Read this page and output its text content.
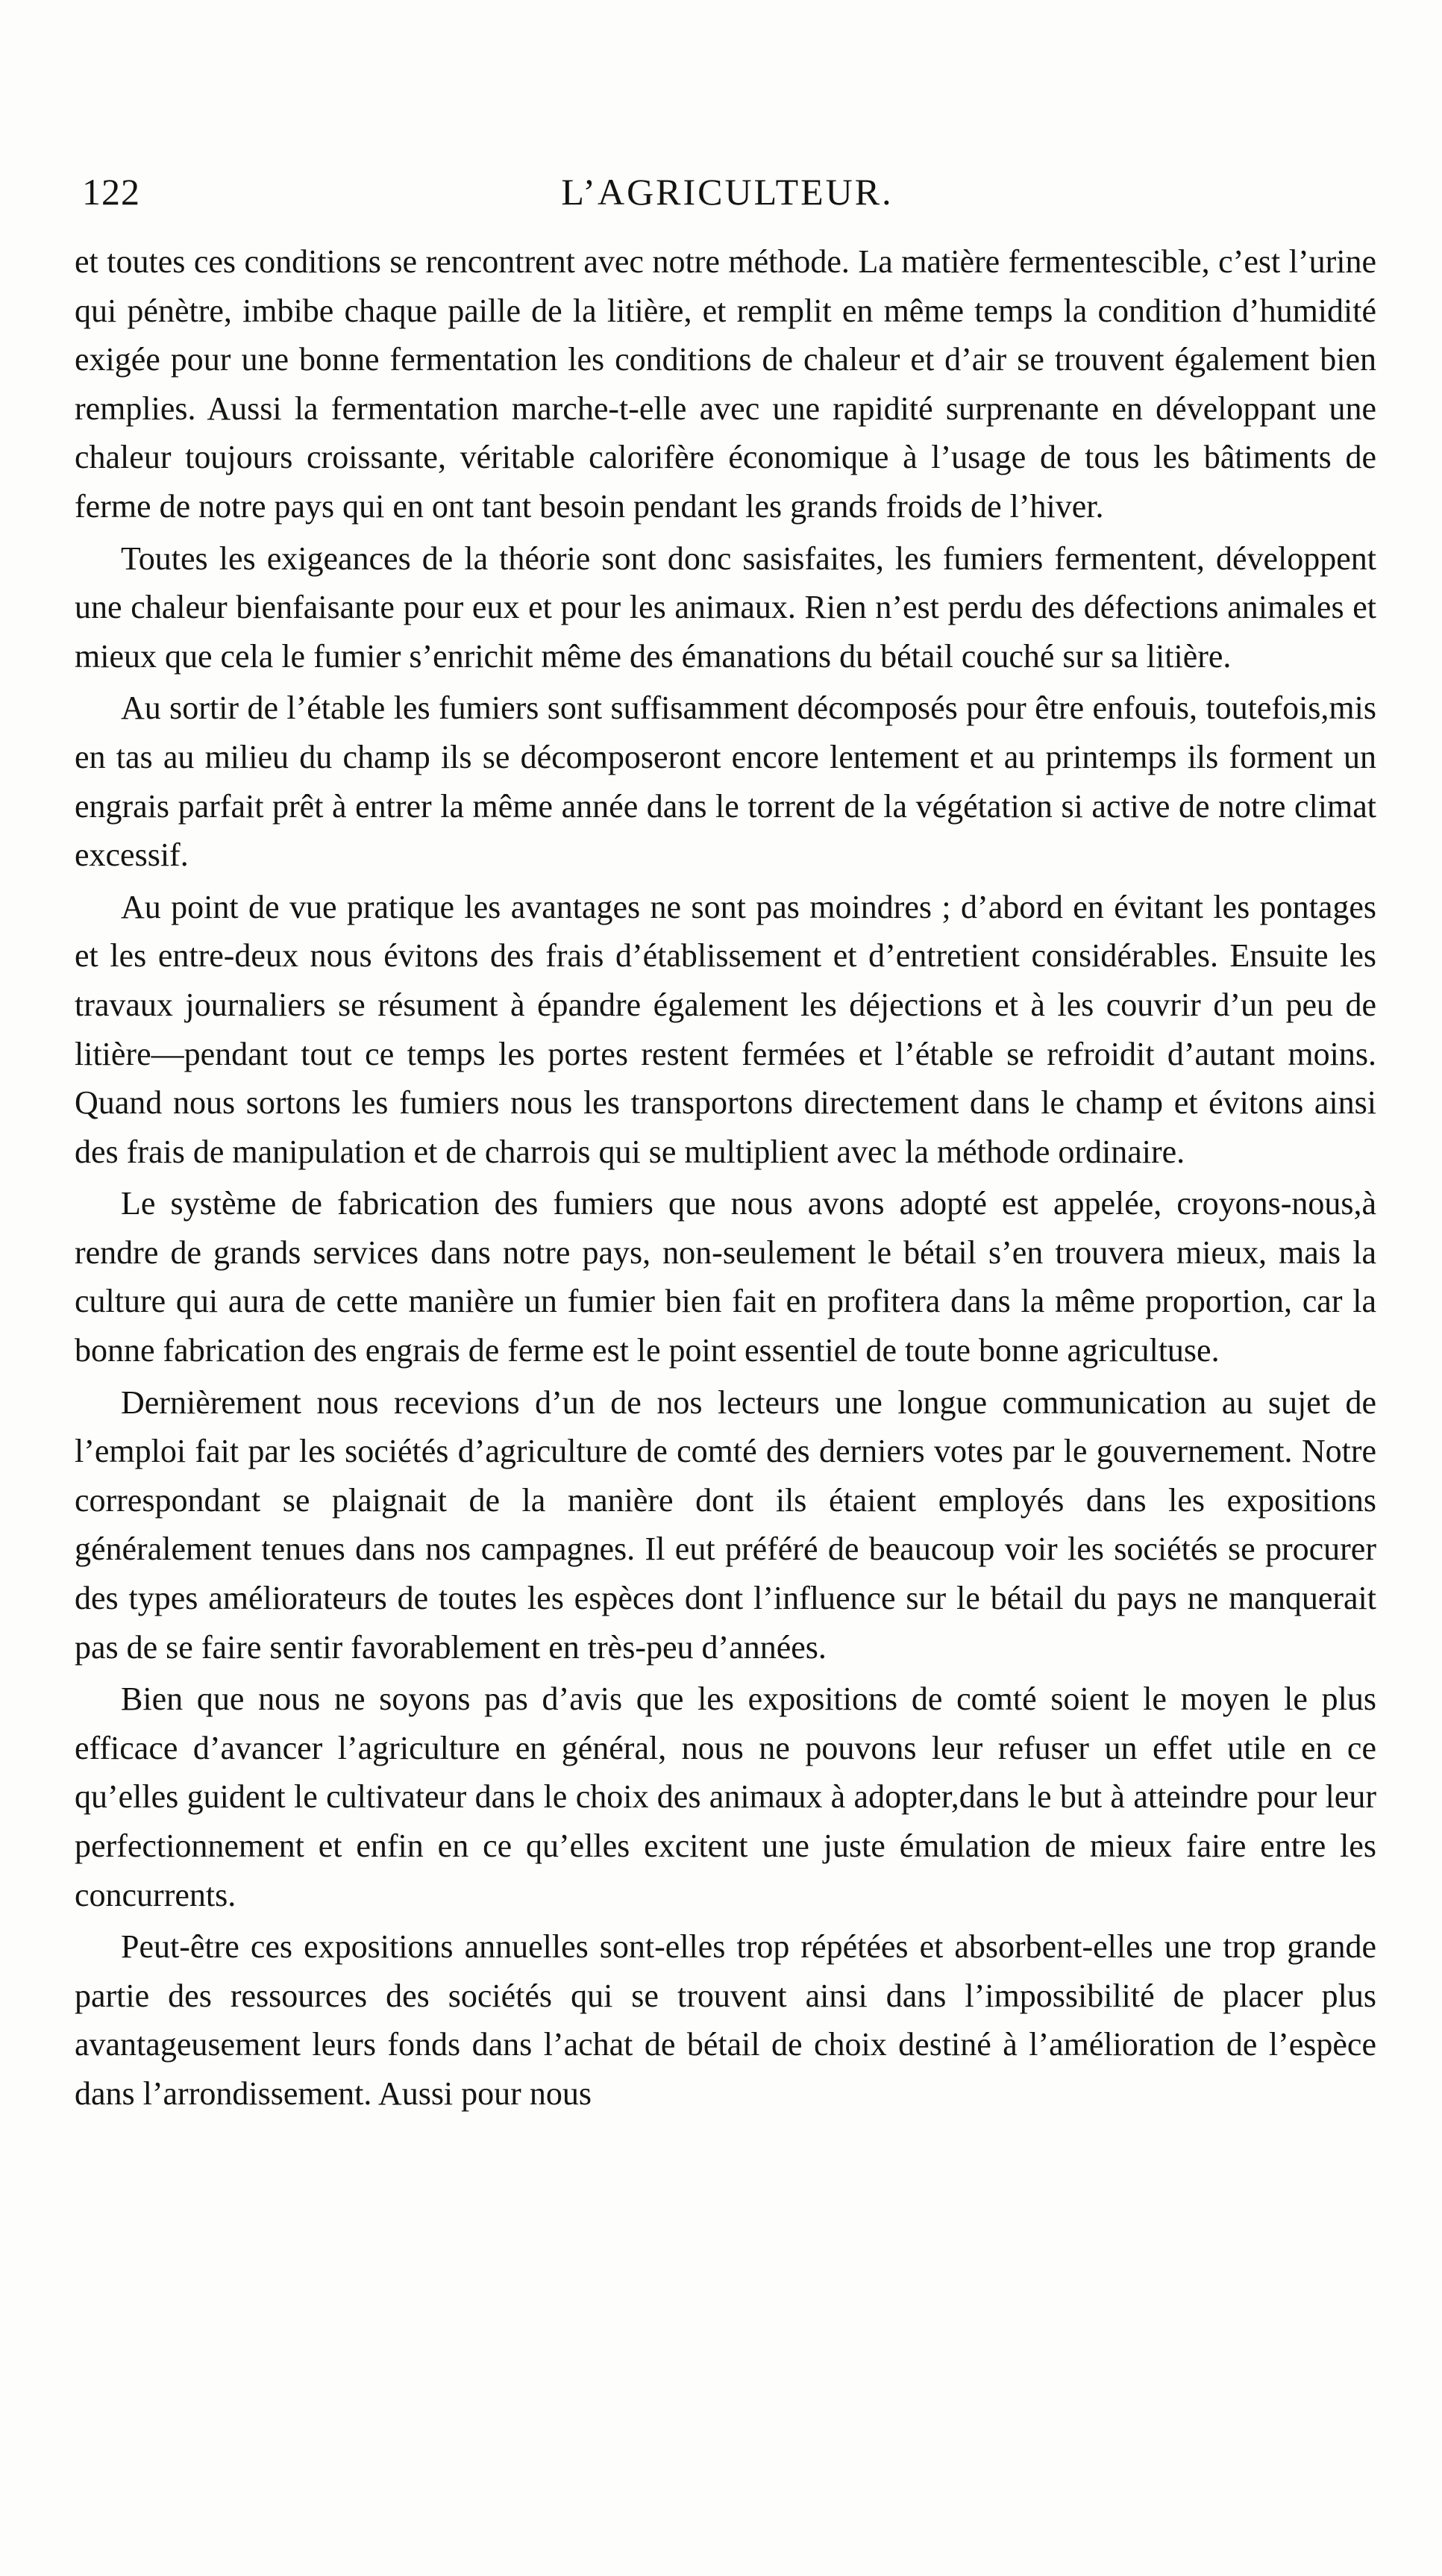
122	L’AGRICULTEUR.

et toutes ces conditions se rencontrent avec notre méthode. La matière fermentescible, c’est l’urine qui pénètre, imbibe chaque paille de la litière, et remplit en même temps la condition d’humidité exigée pour une bonne fermentation les conditions de chaleur et d’air se trouvent également bien remplies. Aussi la fermentation marche-t-elle avec une rapidité surprenante en développant une chaleur toujours croissante, véritable calorifère économique à l’usage de tous les bâtiments de ferme de notre pays qui en ont tant besoin pendant les grands froids de l’hiver.

Toutes les exigeances de la théorie sont donc sasisfaites, les fumiers fermentent, développent une chaleur bienfaisante pour eux et pour les animaux. Rien n’est perdu des défections animales et mieux que cela le fumier s’enrichit même des émanations du bétail couché sur sa litière.

Au sortir de l’étable les fumiers sont suffisamment décomposés pour être enfouis, toutefois,mis en tas au milieu du champ ils se décomposeront encore lentement et au printemps ils forment un engrais parfait prêt à entrer la même année dans le torrent de la végétation si active de notre climat excessif.

Au point de vue pratique les avantages ne sont pas moindres ; d’abord en évitant les pontages et les entre-deux nous évitons des frais d’établissement et d’entretient considérables. Ensuite les travaux journaliers se résument à épandre également les déjections et à les couvrir d’un peu de litière—pendant tout ce temps les portes restent fermées et l’étable se refroidit d’autant moins. Quand nous sortons les fumiers nous les transportons directement dans le champ et évitons ainsi des frais de manipulation et de charrois qui se multiplient avec la méthode ordinaire.

Le système de fabrication des fumiers que nous avons adopté est appelée, croyons-nous,à rendre de grands services dans notre pays, non-seulement le bétail s’en trouvera mieux, mais la culture qui aura de cette manière un fumier bien fait en profitera dans la même proportion, car la bonne fabrication des engrais de ferme est le point essentiel de toute bonne agricultuse.

Dernièrement nous recevions d’un de nos lecteurs une longue communication au sujet de l’emploi fait par les sociétés d’agriculture de comté des derniers votes par le gouvernement. Notre correspondant se plaignait de la manière dont ils étaient employés dans les expositions généralement tenues dans nos campagnes. Il eut préféré de beaucoup voir les sociétés se procurer des types améliorateurs de toutes les espèces dont l’influence sur le bétail du pays ne manquerait pas de se faire sentir favorablement en très-peu d’années.

Bien que nous ne soyons pas d’avis que les expositions de comté soient le moyen le plus efficace d’avancer l’agriculture en général, nous ne pouvons leur refuser un effet utile en ce qu’elles guident le cultivateur dans le choix des animaux à adopter,dans le but à atteindre pour leur perfectionnement et enfin en ce qu’elles excitent une juste émulation de mieux faire entre les concurrents.

Peut-être ces expositions annuelles sont-elles trop répétées et absorbent-elles une trop grande partie des ressources des sociétés qui se trouvent ainsi dans l’impossibilité de placer plus avantageusement leurs fonds dans l’achat de bétail de choix destiné à l’amélioration de l’espèce dans l’arrondissement. Aussi pour nous
